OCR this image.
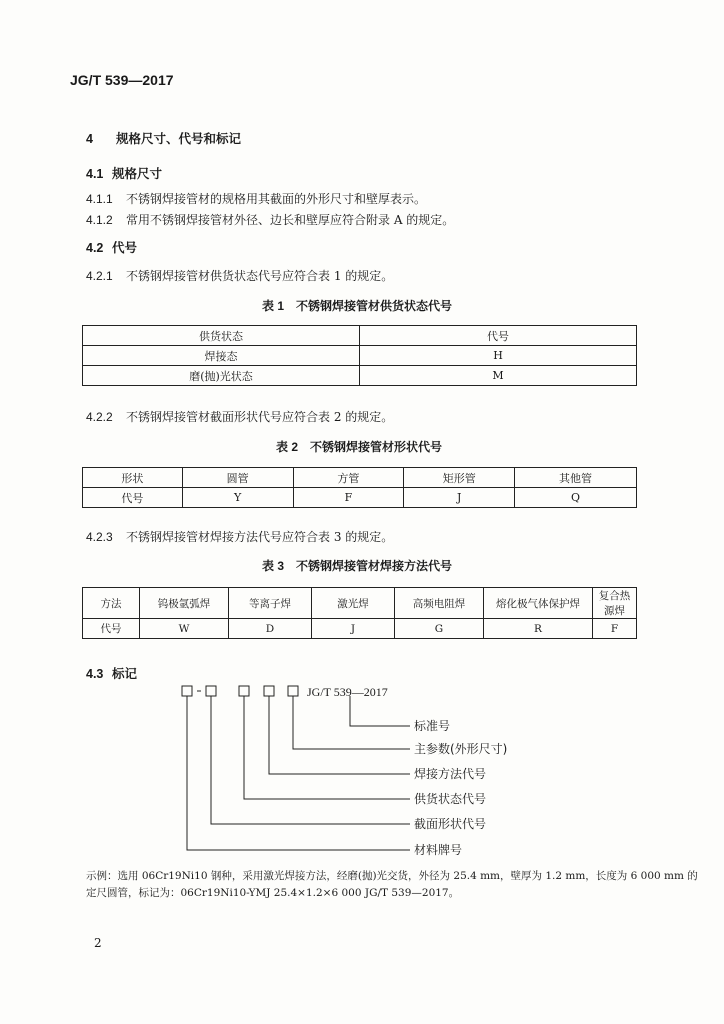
JG/T 539—2017
4 规格尺寸、代号和标记
4.1 规格尺寸
4.1.1 不锈钢焊接管材的规格用其截面的外形尺寸和壁厚表示。
4.1.2 常用不锈钢焊接管材外径、边长和壁厚应符合附录 A 的规定。
4.2 代号
4.2.1 不锈钢焊接管材供货状态代号应符合表 1 的规定。
表 1　不锈钢焊接管材供货状态代号
供货状态	代号
焊接态	H
磨(抛)光状态	M
4.2.2 不锈钢焊接管材截面形状代号应符合表 2 的规定。
表 2　不锈钢焊接管材形状代号
形状	圆管	方管	矩形管	其他管
代号	Y	F	J	Q
4.2.3 不锈钢焊接管材焊接方法代号应符合表 3 的规定。
表 3　不锈钢焊接管材焊接方法代号
方法	钨极氩弧焊	等离子焊	激光焊	高频电阻焊	熔化极气体保护焊	复合热源焊
代号	W	D	J	G	R	F
4.3 标记
JG/T 539—2017
标准号
主参数(外形尺寸)
焊接方法代号
供货状态代号
截面形状代号
材料牌号
示例：选用 06Cr19Ni10 钢种，采用激光焊接方法，经磨(抛)光交货，外径为 25.4 mm，壁厚为 1.2 mm，长度为 6 000 mm 的
定尺圆管，标记为：06Cr19Ni10-YMJ 25.4×1.2×6 000 JG/T 539—2017。
2
